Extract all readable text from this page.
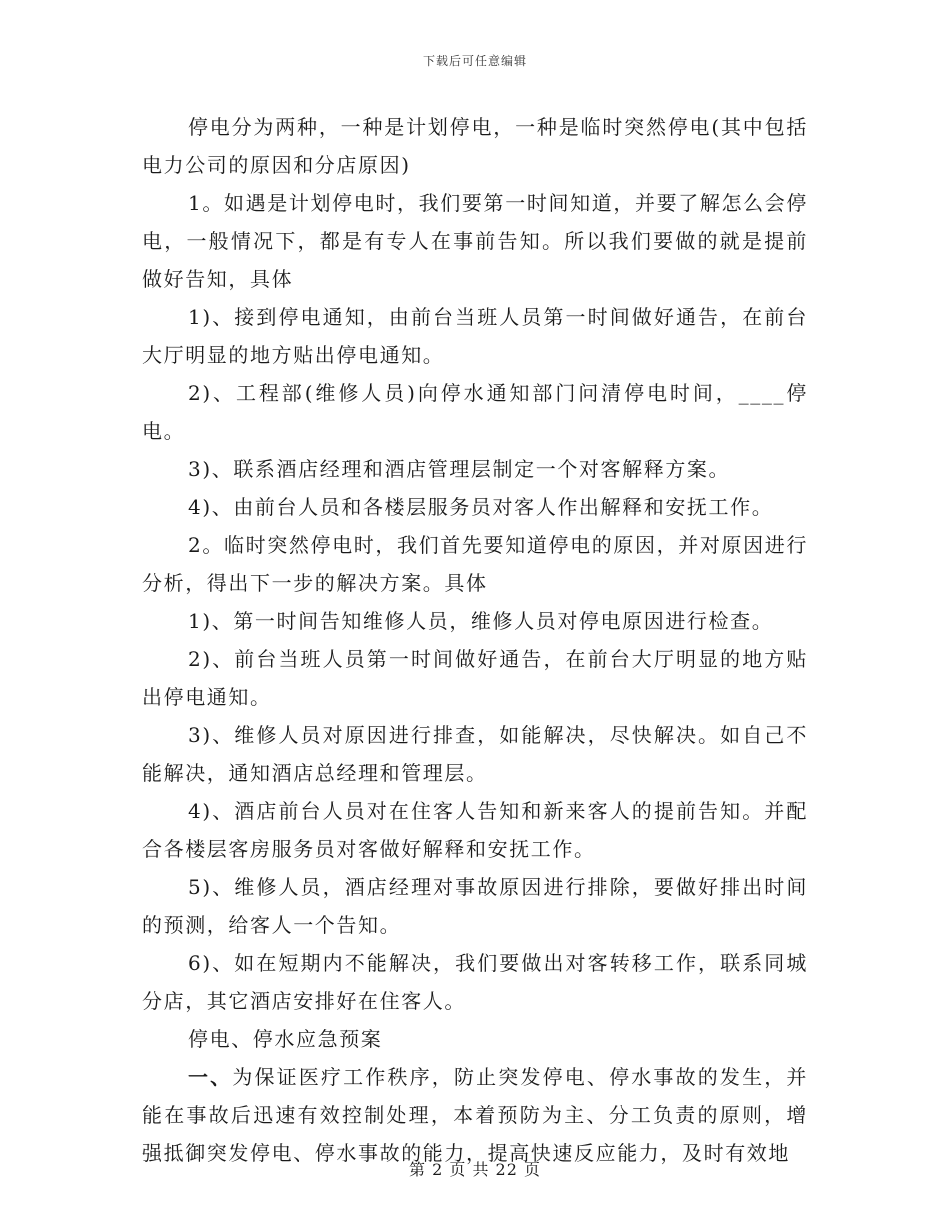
下载后可任意编辑

停电分为两种，一种是计划停电，一种是临时突然停电(其中包括电力公司的原因和分店原因)

1。如遇是计划停电时，我们要第一时间知道，并要了解怎么会停电，一般情况下，都是有专人在事前告知。所以我们要做的就是提前做好告知，具体

1)、接到停电通知，由前台当班人员第一时间做好通告，在前台大厅明显的地方贴出停电通知。

2)、工程部(维修人员)向停水通知部门问清停电时间，____停电。

3)、联系酒店经理和酒店管理层制定一个对客解释方案。

4)、由前台人员和各楼层服务员对客人作出解释和安抚工作。

2。临时突然停电时，我们首先要知道停电的原因，并对原因进行分析，得出下一步的解决方案。具体

1)、第一时间告知维修人员，维修人员对停电原因进行检查。

2)、前台当班人员第一时间做好通告，在前台大厅明显的地方贴出停电通知。

3)、维修人员对原因进行排查，如能解决，尽快解决。如自己不能解决，通知酒店总经理和管理层。

4)、酒店前台人员对在住客人告知和新来客人的提前告知。并配合各楼层客房服务员对客做好解释和安抚工作。

5)、维修人员，酒店经理对事故原因进行排除，要做好排出时间的预测，给客人一个告知。

6)、如在短期内不能解决，我们要做出对客转移工作，联系同城分店，其它酒店安排好在住客人。

停电、停水应急预案

一、为保证医疗工作秩序，防止突发停电、停水事故的发生，并能在事故后迅速有效控制处理，本着预防为主、分工负责的原则，增强抵御突发停电、停水事故的能力，提高快速反应能力，及时有效地

第 2 页 共 22 页
